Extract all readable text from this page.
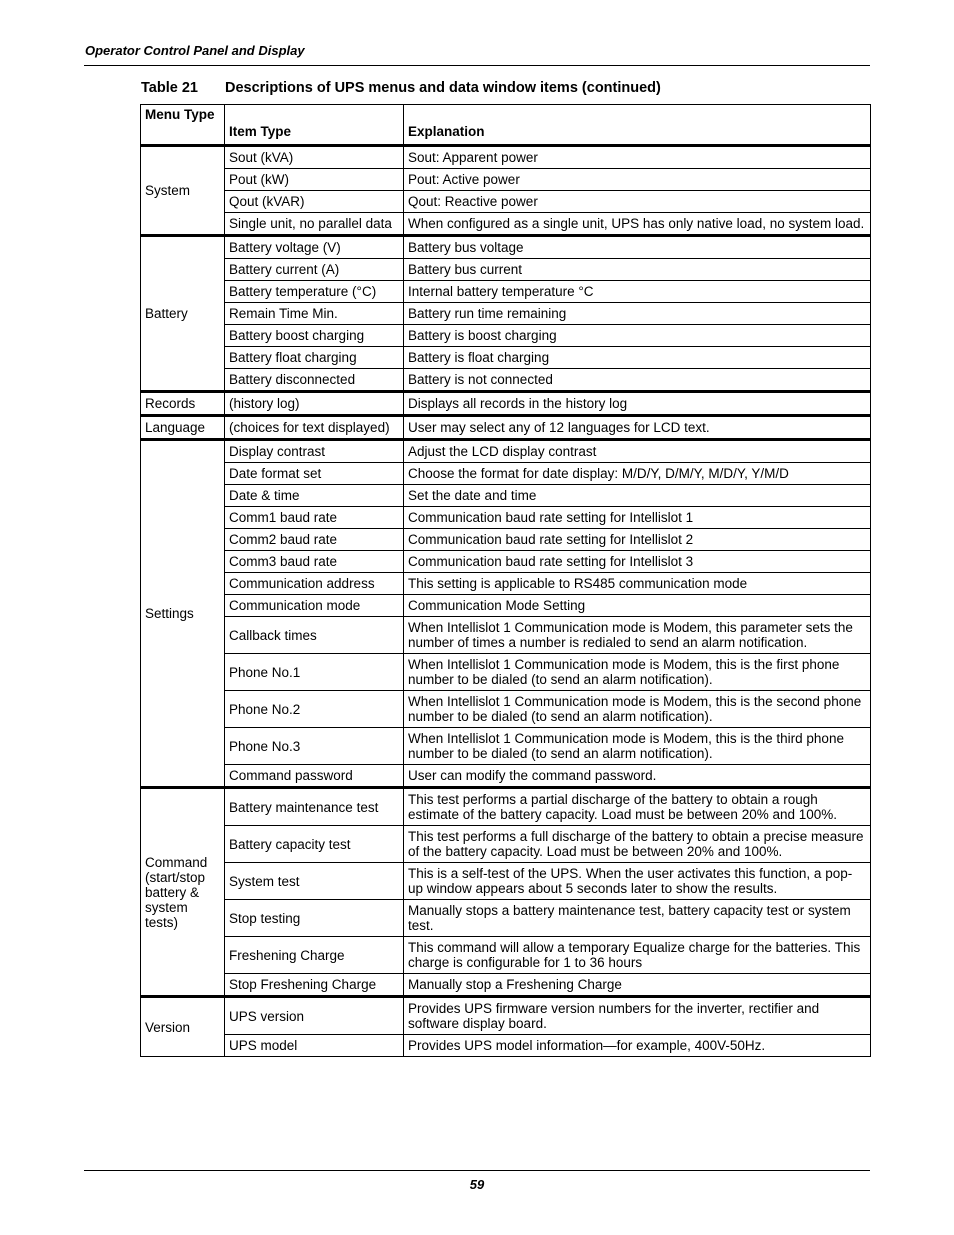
Operator Control Panel and Display
Table 21 Descriptions of UPS menus and data window items (continued)
Menu Type	Item Type	Explanation
System	Sout (kVA)	Sout: Apparent power
	Pout (kW)	Pout: Active power
	Qout (kVAR)	Qout: Reactive power
	Single unit, no parallel data	When configured as a single unit, UPS has only native load, no system load.
Battery	Battery voltage (V)	Battery bus voltage
	Battery current (A)	Battery bus current
	Battery temperature (°C)	Internal battery temperature °C
	Remain Time Min.	Battery run time remaining
	Battery boost charging	Battery is boost charging
	Battery float charging	Battery is float charging
	Battery disconnected	Battery is not connected
Records	(history log)	Displays all records in the history log
Language	(choices for text displayed)	User may select any of 12 languages for LCD text.
Settings	Display contrast	Adjust the LCD display contrast
	Date format set	Choose the format for date display: M/D/Y, D/M/Y, M/D/Y, Y/M/D
	Date & time	Set the date and time
	Comm1 baud rate	Communication baud rate setting for Intellislot 1
	Comm2 baud rate	Communication baud rate setting for Intellislot 2
	Comm3 baud rate	Communication baud rate setting for Intellislot 3
	Communication address	This setting is applicable to RS485 communication mode
	Communication mode	Communication Mode Setting
	Callback times	When Intellislot 1 Communication mode is Modem, this parameter sets the number of times a number is redialed to send an alarm notification.
	Phone No.1	When Intellislot 1 Communication mode is Modem, this is the first phone number to be dialed (to send an alarm notification).
	Phone No.2	When Intellislot 1 Communication mode is Modem, this is the second phone number to be dialed (to send an alarm notification).
	Phone No.3	When Intellislot 1 Communication mode is Modem, this is the third phone number to be dialed (to send an alarm notification).
	Command password	User can modify the command password.
Command (start/stop battery & system tests)	Battery maintenance test	This test performs a partial discharge of the battery to obtain a rough estimate of the battery capacity. Load must be between 20% and 100%.
	Battery capacity test	This test performs a full discharge of the battery to obtain a precise measure of the battery capacity. Load must be between 20% and 100%.
	System test	This is a self-test of the UPS. When the user activates this function, a pop-up window appears about 5 seconds later to show the results.
	Stop testing	Manually stops a battery maintenance test, battery capacity test or system test.
	Freshening Charge	This command will allow a temporary Equalize charge for the batteries. This charge is configurable for 1 to 36 hours
	Stop Freshening Charge	Manually stop a Freshening Charge
Version	UPS version	Provides UPS firmware version numbers for the inverter, rectifier and software display board.
	UPS model	Provides UPS model information—for example, 400V-50Hz.
59
